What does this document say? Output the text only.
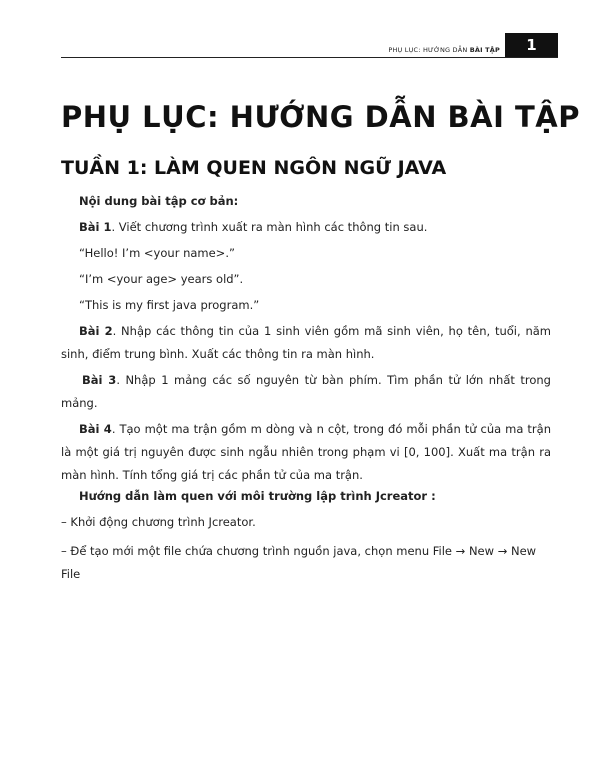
PHỤ LỤC: HƯỚNG DẪN BÀI TẬP	1
PHỤ LỤC: HƯỚNG DẪN BÀI TẬP
TUẦN 1: LÀM QUEN NGÔN NGỮ JAVA

Nội dung bài tập cơ bản:

Bài 1. Viết chương trình xuất ra màn hình các thông tin sau.

“Hello! I’m <your name>.”

“I’m <your age> years old”.

“This is my first java program.”

Bài 2. Nhập các thông tin của 1 sinh viên gồm mã sinh viên, họ tên, tuổi, năm sinh, điểm trung bình. Xuất các thông tin ra màn hình.

Bài 3. Nhập 1 mảng các số nguyên từ bàn phím. Tìm phần tử lớn nhất trong mảng.

Bài 4. Tạo một ma trận gồm m dòng và n cột, trong đó mỗi phần tử của ma trận là một giá trị nguyên được sinh ngẫu nhiên trong phạm vi [0, 100]. Xuất ma trận ra màn hình. Tính tổng giá trị các phần tử của ma trận.

Hướng dẫn làm quen với môi trường lập trình Jcreator :

– Khởi động chương trình Jcreator.

– Để tạo mới một file chứa chương trình nguồn java, chọn menu File → New → New File
